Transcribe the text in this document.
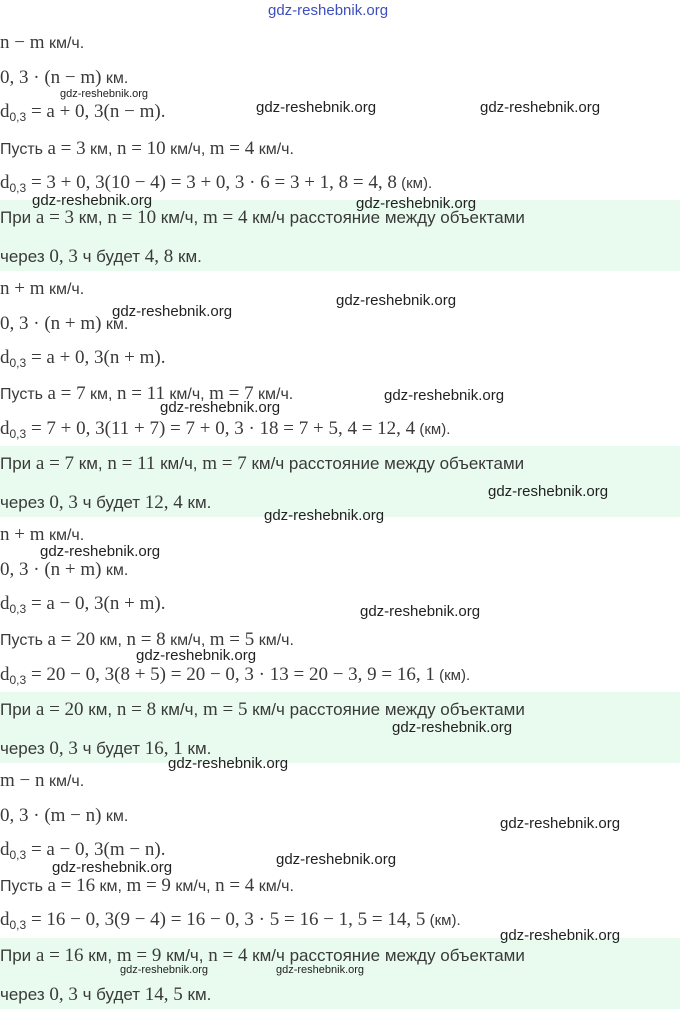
n − m км/ч.
0, 3 · (n − m) км.
$d_{0,3} = a + 0$, 3(n − m).
Пусть a = 3 км, n = 10 км/ч, m = 4 км/ч.
$d_{0,3} = 3 + 0$, 3(10 − 4) = 3 + 0, 3 · 6 = 3 + 1, 8 = 4, 8 (км).
При a = 3 км, n = 10 км/ч, m = 4 км/ч расстояние между объектами
через 0, 3 ч будет 4, 8 км.
n + m км/ч.
0, 3 · (n + m) км.
$d_{0,3} = a + 0$, 3(n + m).
Пусть a = 7 км, n = 11 км/ч, m = 7 км/ч.
$d_{0,3} = 7 + 0$, 3(11 + 7) = 7 + 0, 3 · 18 = 7 + 5, 4 = 12, 4 (км).
При a = 7 км, n = 11 км/ч, m = 7 км/ч расстояние между объектами
через 0, 3 ч будет 12, 4 км.
n + m км/ч.
0, 3 · (n + m) км.
$d_{0,3} = a - 0$, 3(n + m).
Пусть a = 20 км, n = 8 км/ч, m = 5 км/ч.
$d_{0,3} = 20 - 0$, 3(8 + 5) = 20 − 0, 3 · 13 = 20 − 3, 9 = 16, 1 (км).
При a = 20 км, n = 8 км/ч, m = 5 км/ч расстояние между объектами
через 0, 3 ч будет 16, 1 км.
m − n км/ч.
0, 3 · (m − n) км.
$d_{0,3} = a - 0$, 3(m − n).
Пусть a = 16 км, m = 9 км/ч, n = 4 км/ч.
$d_{0,3} = 16 - 0$, 3(9 − 4) = 16 − 0, 3 · 5 = 16 − 1, 5 = 14, 5 (км).
При a = 16 км, m = 9 км/ч, n = 4 км/ч расстояние между объектами
через 0, 3 ч будет 14, 5 км.
gdz-reshebnik.org
gdz-reshebnik.org
gdz-reshebnik.org	gdz-reshebnik.org
gdz-reshebnik.org	gdz-reshebnik.org
gdz-reshebnik.org
gdz-reshebnik.org
gdz-reshebnik.org
gdz-reshebnik.org
gdz-reshebnik.org
gdz-reshebnik.org
gdz-reshebnik.org
gdz-reshebnik.org
gdz-reshebnik.org
gdz-reshebnik.org
gdz-reshebnik.org
gdz-reshebnik.org
gdz-reshebnik.org
gdz-reshebnik.org
gdz-reshebnik.org
gdz-reshebnik.org	gdz-reshebnik.org
